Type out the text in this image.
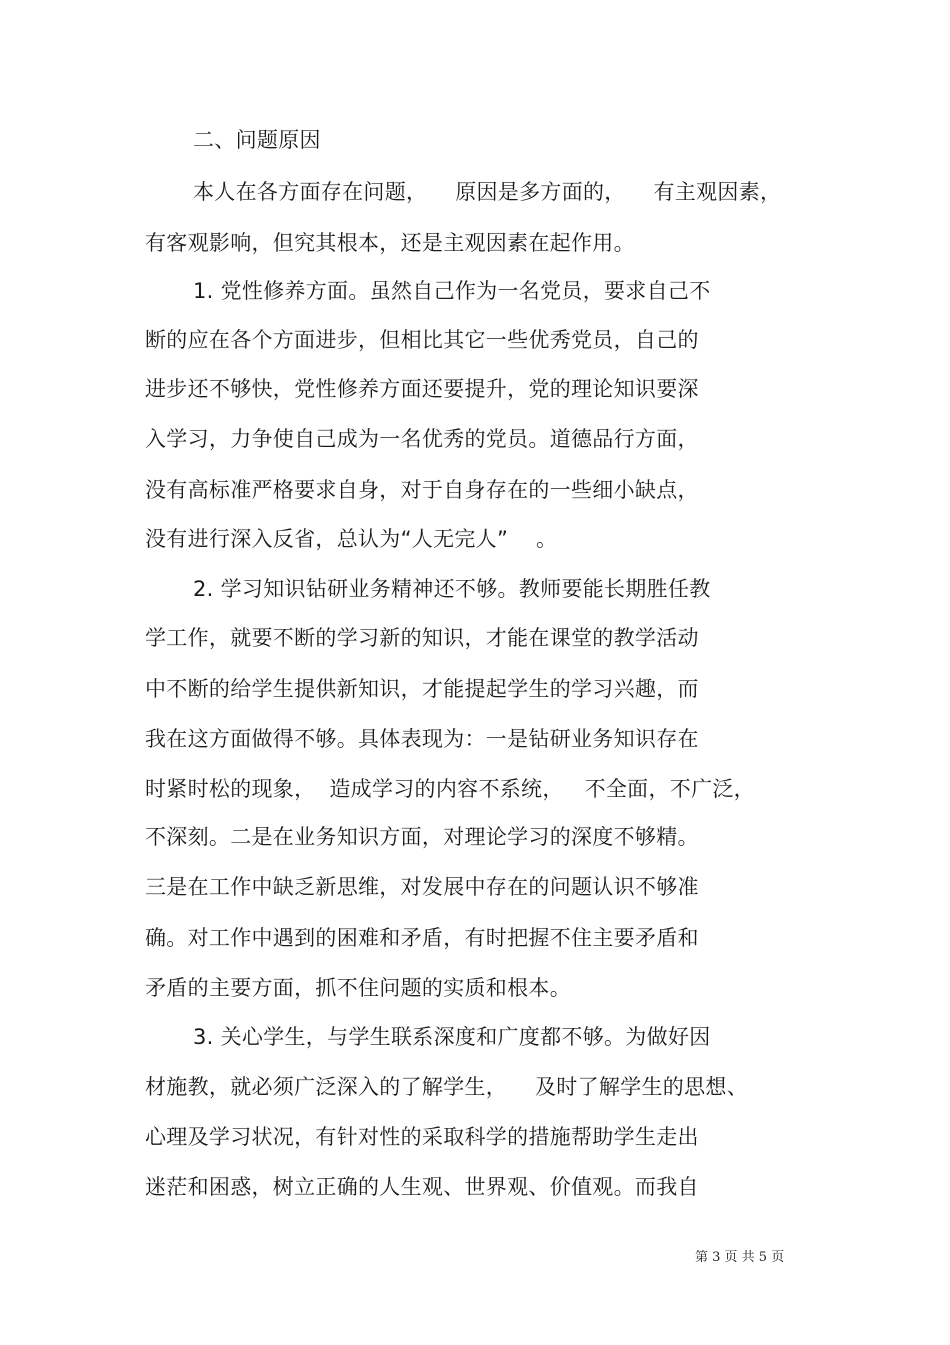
二、问题原因
本人在各方面存在问题，    原因是多方面的，    有主观因素，
有客观影响，但究其根本，还是主观因素在起作用。
1. 党性修养方面。虽然自己作为一名党员，要求自己不
断的应在各个方面进步，但相比其它一些优秀党员，自己的
进步还不够快，党性修养方面还要提升，党的理论知识要深
入学习，力争使自己成为一名优秀的党员。道德品行方面，
没有高标准严格要求自身，对于自身存在的一些细小缺点，
没有进行深入反省，总认为“人无完人”    。
2. 学习知识钻研业务精神还不够。教师要能长期胜任教
学工作，就要不断的学习新的知识，才能在课堂的教学活动
中不断的给学生提供新知识，才能提起学生的学习兴趣，而
我在这方面做得不够。具体表现为：一是钻研业务知识存在
时紧时松的现象，  造成学习的内容不系统，   不全面，不广泛，
不深刻。二是在业务知识方面，对理论学习的深度不够精。
三是在工作中缺乏新思维，对发展中存在的问题认识不够准
确。对工作中遇到的困难和矛盾，有时把握不住主要矛盾和
矛盾的主要方面，抓不住问题的实质和根本。
3. 关心学生，与学生联系深度和广度都不够。为做好因
材施教，就必须广泛深入的了解学生，    及时了解学生的思想、
心理及学习状况，有针对性的采取科学的措施帮助学生走出
迷茫和困惑，树立正确的人生观、世界观、价值观。而我自
第 3 页 共 5 页
